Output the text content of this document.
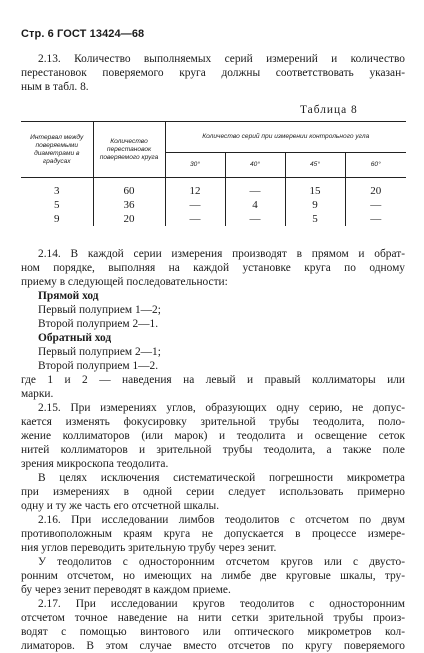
Стр. 6 ГОСТ 13424—68
2.13. Количество выполняемых серий измерений и количество
перестановок поверяемого круга должны соответствовать указан-
ным в табл. 8.
Таблица 8
Интервал между поверяемыми диаметрами в градусах	Количество перестановок поверяемого круга	Количество серий при измерении контрольного угла			
		30°	40°	45°	60°
3	60	12	—	15	20
5	36	—	4	9	—
9	20	—	—	5	—
2.14. В каждой серии измерения производят в прямом и обрат-
ном порядке, выполняя на каждой установке круга по одному
приему в следующей последовательности:
Прямой ход
Первый полуприем 1—2;
Второй полуприем 2—1.
Обратный ход
Первый полуприем 2—1;
Второй полуприем 1—2.
где 1 и 2 — наведения на левый и правый коллиматоры или
марки.
2.15. При измерениях углов, образующих одну серию, не допус-
кается изменять фокусировку зрительной трубы теодолита, поло-
жение коллиматоров (или марок) и теодолита и освещение сеток
нитей коллиматоров и зрительной трубы теодолита, а также поле
зрения микроскопа теодолита.
В целях исключения систематической погрешности микрометра
при измерениях в одной серии следует использовать примерно
одну и ту же часть его отсчетной шкалы.
2.16. При исследовании лимбов теодолитов с отсчетом по двум
противоположным краям круга не допускается в процессе измере-
ния углов переводить зрительную трубу через зенит.
У теодолитов с односторонним отсчетом кругов или с двусто-
ронним отсчетом, но имеющих на лимбе две круговые шкалы, тру-
бу через зенит переводят в каждом приеме.
2.17. При исследовании кругов теодолитов с односторонним
отсчетом точное наведение на нити сетки зрительной трубы произ-
водят с помощью винтового или оптического микрометров кол-
лиматоров. В этом случае вместо отсчетов по кругу поверяемого
